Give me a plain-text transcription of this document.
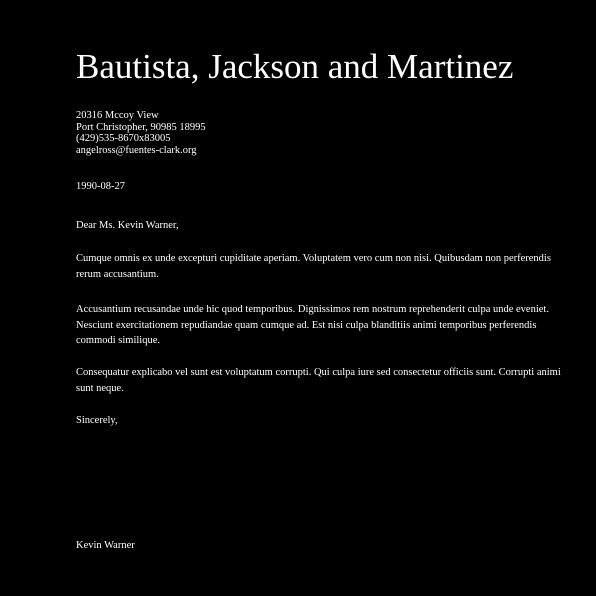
Bautista, Jackson and Martinez
20316 Mccoy View
Port Christopher, 90985 18995
(429)535-8670x83005
angelross@fuentes-clark.org
1990-08-27
Dear Ms. Kevin Warner,

Cumque omnis ex unde excepturi cupiditate aperiam. Voluptatem vero cum non nisi. Quibusdam non perferendis rerum accusantium.

Accusantium recusandae unde hic quod temporibus. Dignissimos rem nostrum reprehenderit culpa unde eveniet. Nesciunt exercitationem repudiandae quam cumque ad. Est nisi culpa blanditiis animi temporibus perferendis commodi similique.

Consequatur explicabo vel sunt est voluptatum corrupti. Qui culpa iure sed consectetur officiis sunt. Corrupti animi sunt neque.

Sincerely,
Kevin Warner
